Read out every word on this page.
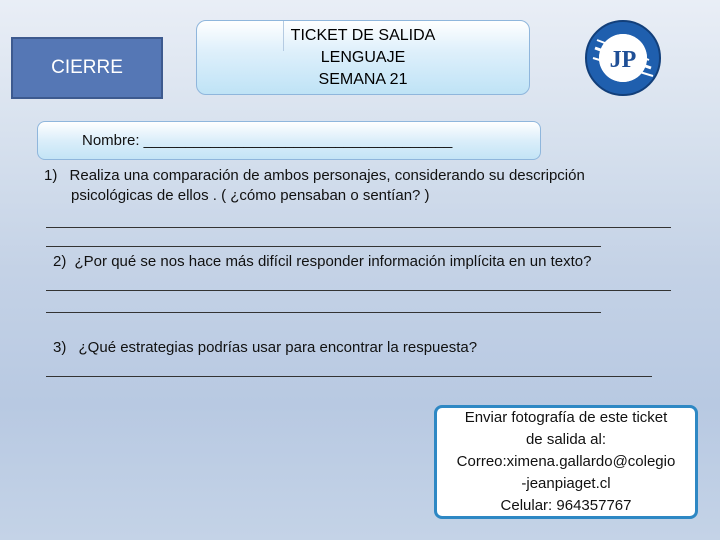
CIERRE
TICKET DE SALIDA
LENGUAJE
SEMANA 21
JP
Nombre: _____________________________________
1) Realiza una comparación de ambos personajes, considerando su descripción
psicológicas de ellos . ( ¿cómo pensaban o sentían? )
2) ¿Por qué se nos hace más difícil responder información implícita en un texto?
3) ¿Qué estrategias podrías usar para encontrar la respuesta?
Enviar fotografía de este ticket
de salida al:
Correo:ximena.gallardo@colegio
-jeanpiaget.cl
Celular: 964357767
